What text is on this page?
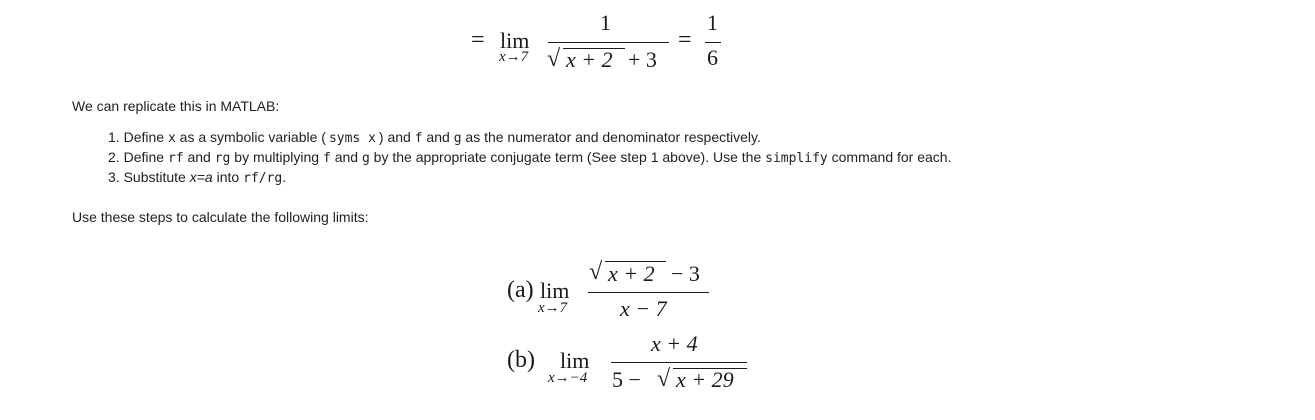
= lim
x→7
1
√ x + 2 + 3
=
1
6
We can replicate this in MATLAB:
1. Define x as a symbolic variable ( syms x ) and f and g as the numerator and denominator respectively.
2. Define rf and rg by multiplying f and g by the appropriate conjugate term (See step 1 above). Use the simplify command for each.
3. Substitute x=a into rf/rg.
Use these steps to calculate the following limits:
(a) lim
x→7
√ x + 2 − 3
x − 7
(b) lim
x→−4
x + 4
5 − √ x + 29
